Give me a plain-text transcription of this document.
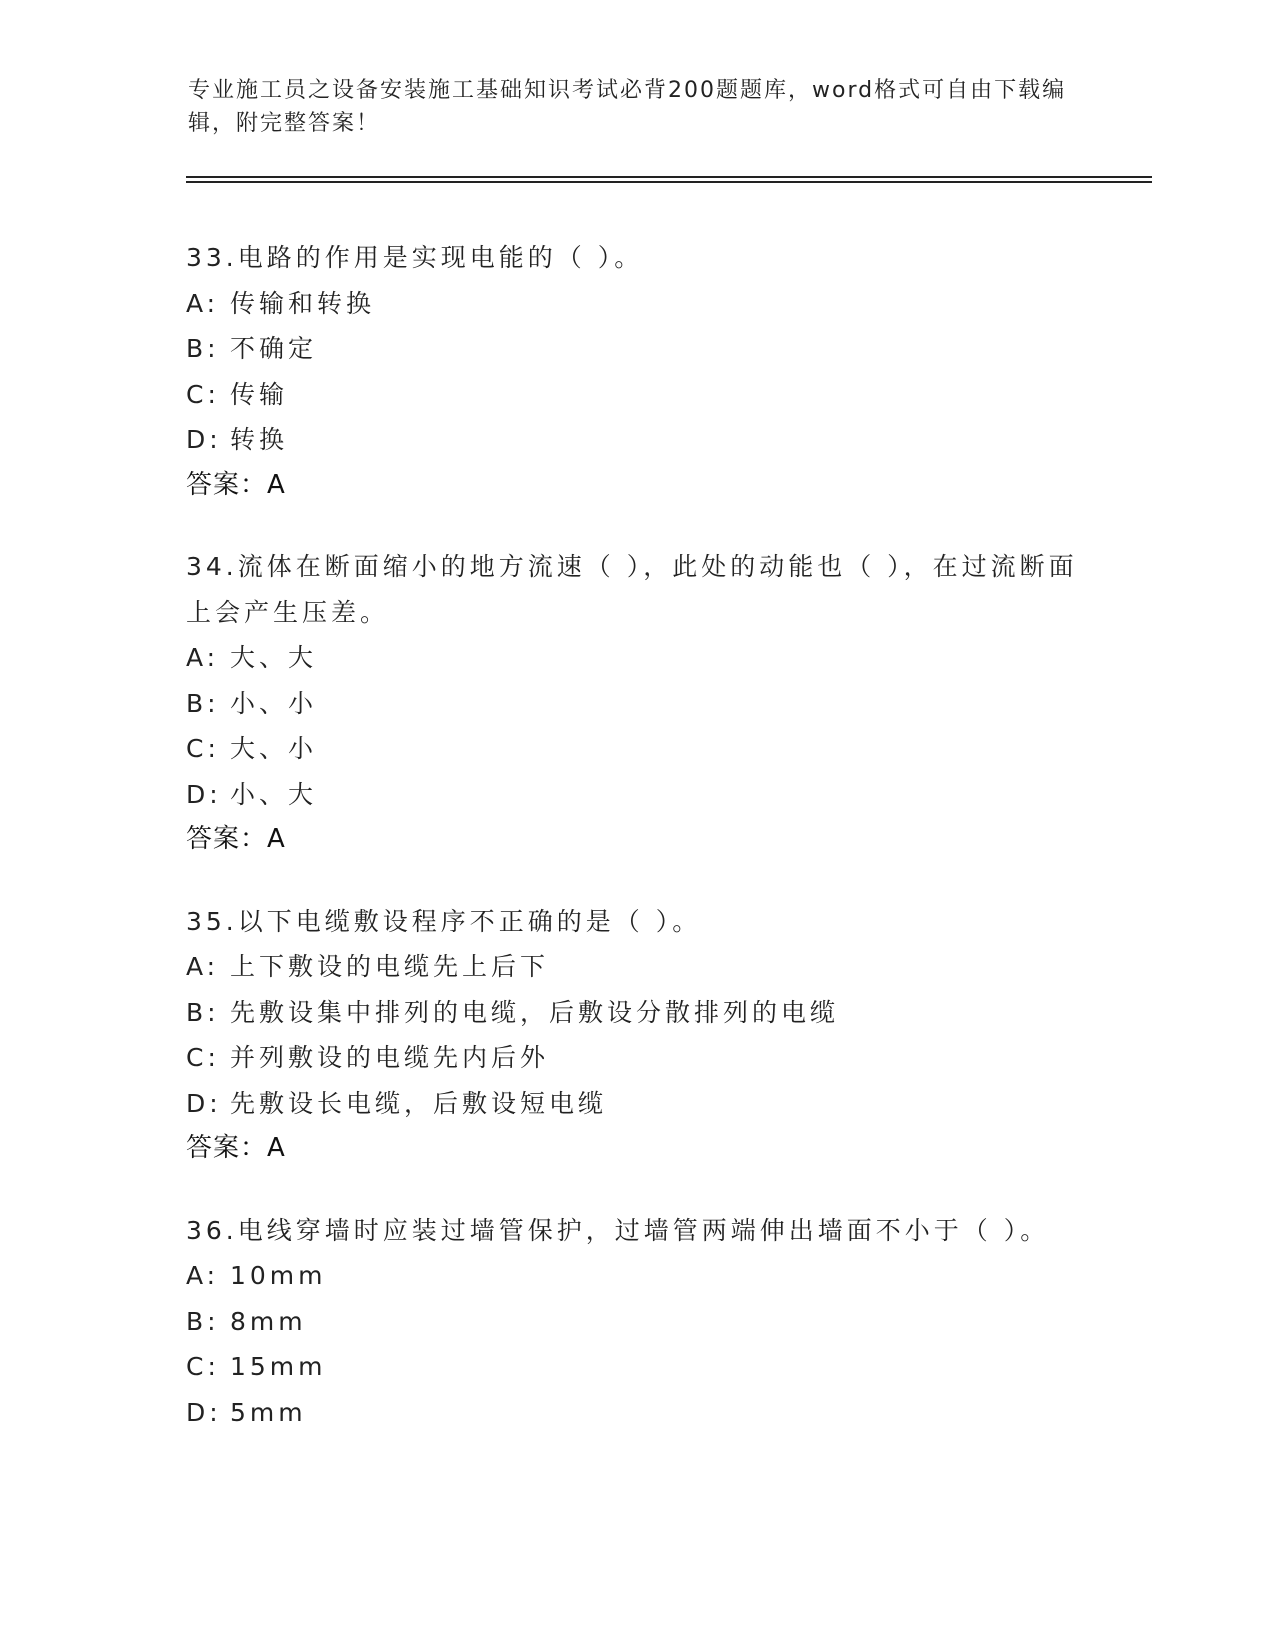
专业施工员之设备安装施工基础知识考试必背200题题库，word格式可自由下载编辑，附完整答案！
33.电路的作用是实现电能的（ ）。
A: 传输和转换
B: 不确定
C: 传输
D: 转换
答案：A
34.流体在断面缩小的地方流速（ ），此处的动能也（ ），在过流断面上会产生压差。
A: 大、大
B: 小、小
C: 大、小
D: 小、大
答案：A
35.以下电缆敷设程序不正确的是（ ）。
A: 上下敷设的电缆先上后下
B: 先敷设集中排列的电缆，后敷设分散排列的电缆
C: 并列敷设的电缆先内后外
D: 先敷设长电缆，后敷设短电缆
答案：A
36.电线穿墙时应装过墙管保护，过墙管两端伸出墙面不小于（ ）。
A: 10mm
B: 8mm
C: 15mm
D: 5mm
